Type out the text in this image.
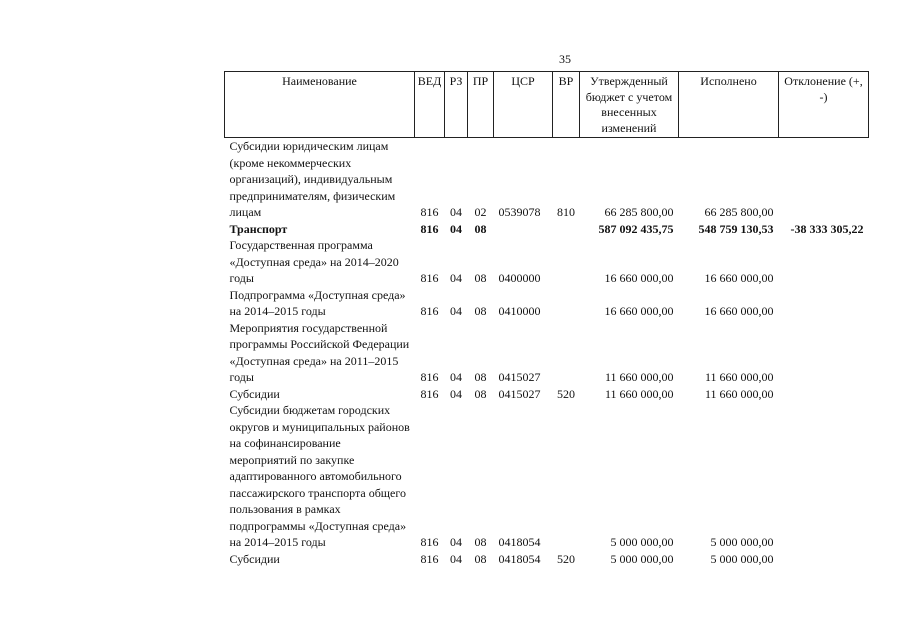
35
Наименование	ВЕД	РЗ	ПР	ЦСР	ВР	Утвержденный бюджет с учетом внесенных изменений	Исполнено	Отклонение (+, -)
Субсидии юридическим лицам (кроме некоммерческих организаций), индивидуальным предпринимателям, физическим лицам	816	04	02	0539078	810	66 285 800,00	66 285 800,00	
Транспорт	816	04	08			587 092 435,75	548 759 130,53	-38 333 305,22
Государственная программа «Доступная среда» на 2014–2020 годы	816	04	08	0400000		16 660 000,00	16 660 000,00	
Подпрограмма «Доступная среда» на 2014–2015 годы	816	04	08	0410000		16 660 000,00	16 660 000,00	
Мероприятия государственной программы Российской Федерации «Доступная среда» на 2011–2015 годы	816	04	08	0415027		11 660 000,00	11 660 000,00	
Субсидии	816	04	08	0415027	520	11 660 000,00	11 660 000,00	
Субсидии бюджетам городских округов и муниципальных районов на софинансирование мероприятий по закупке адаптированного автомобильного пассажирского транспорта общего пользования в рамках подпрограммы «Доступная среда» на 2014–2015 годы	816	04	08	0418054		5 000 000,00	5 000 000,00	
Субсидии	816	04	08	0418054	520	5 000 000,00	5 000 000,00	
